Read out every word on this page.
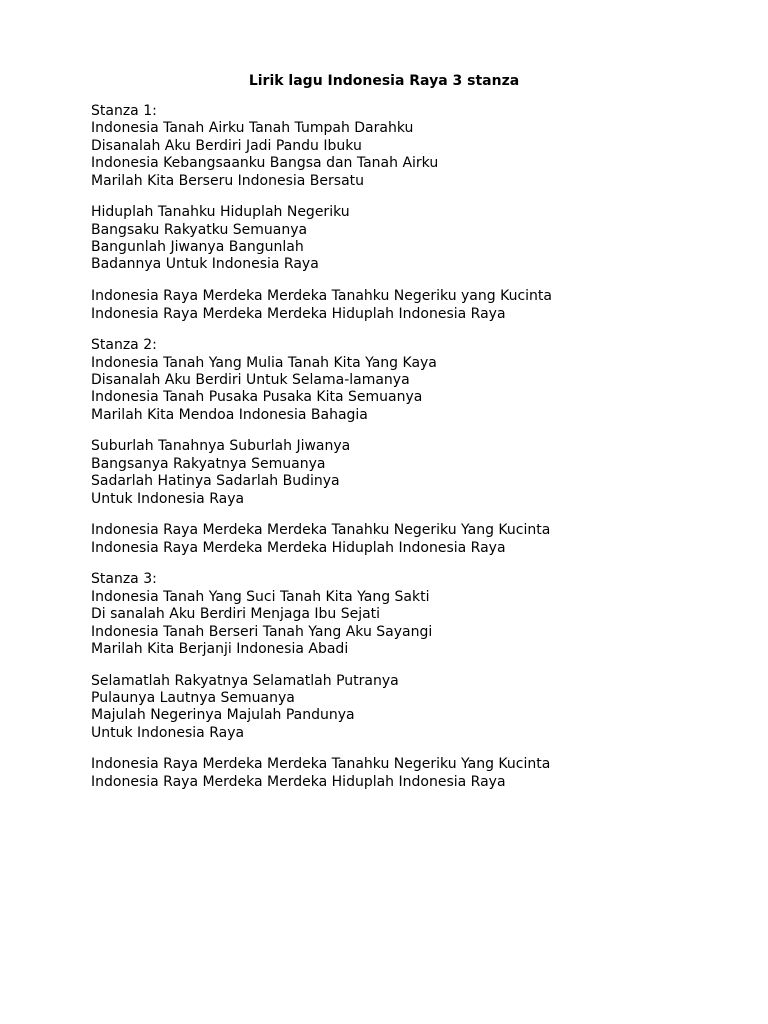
Lirik lagu Indonesia Raya 3 stanza
Stanza 1:
Indonesia Tanah Airku Tanah Tumpah Darahku
Disanalah Aku Berdiri Jadi Pandu Ibuku
Indonesia Kebangsaanku Bangsa dan Tanah Airku
Marilah Kita Berseru Indonesia Bersatu
Hiduplah Tanahku Hiduplah Negeriku
Bangsaku Rakyatku Semuanya
Bangunlah Jiwanya Bangunlah
Badannya Untuk Indonesia Raya
Indonesia Raya Merdeka Merdeka Tanahku Negeriku yang Kucinta
Indonesia Raya Merdeka Merdeka Hiduplah Indonesia Raya
Stanza 2:
Indonesia Tanah Yang Mulia Tanah Kita Yang Kaya
Disanalah Aku Berdiri Untuk Selama-lamanya
Indonesia Tanah Pusaka Pusaka Kita Semuanya
Marilah Kita Mendoa Indonesia Bahagia
Suburlah Tanahnya Suburlah Jiwanya
Bangsanya Rakyatnya Semuanya
Sadarlah Hatinya Sadarlah Budinya
Untuk Indonesia Raya
Indonesia Raya Merdeka Merdeka Tanahku Negeriku Yang Kucinta
Indonesia Raya Merdeka Merdeka Hiduplah Indonesia Raya
Stanza 3:
Indonesia Tanah Yang Suci Tanah Kita Yang Sakti
Di sanalah Aku Berdiri Menjaga Ibu Sejati
Indonesia Tanah Berseri Tanah Yang Aku Sayangi
Marilah Kita Berjanji Indonesia Abadi
Selamatlah Rakyatnya Selamatlah Putranya
Pulaunya Lautnya Semuanya
Majulah Negerinya Majulah Pandunya
Untuk Indonesia Raya
Indonesia Raya Merdeka Merdeka Tanahku Negeriku Yang Kucinta
Indonesia Raya Merdeka Merdeka Hiduplah Indonesia Raya
